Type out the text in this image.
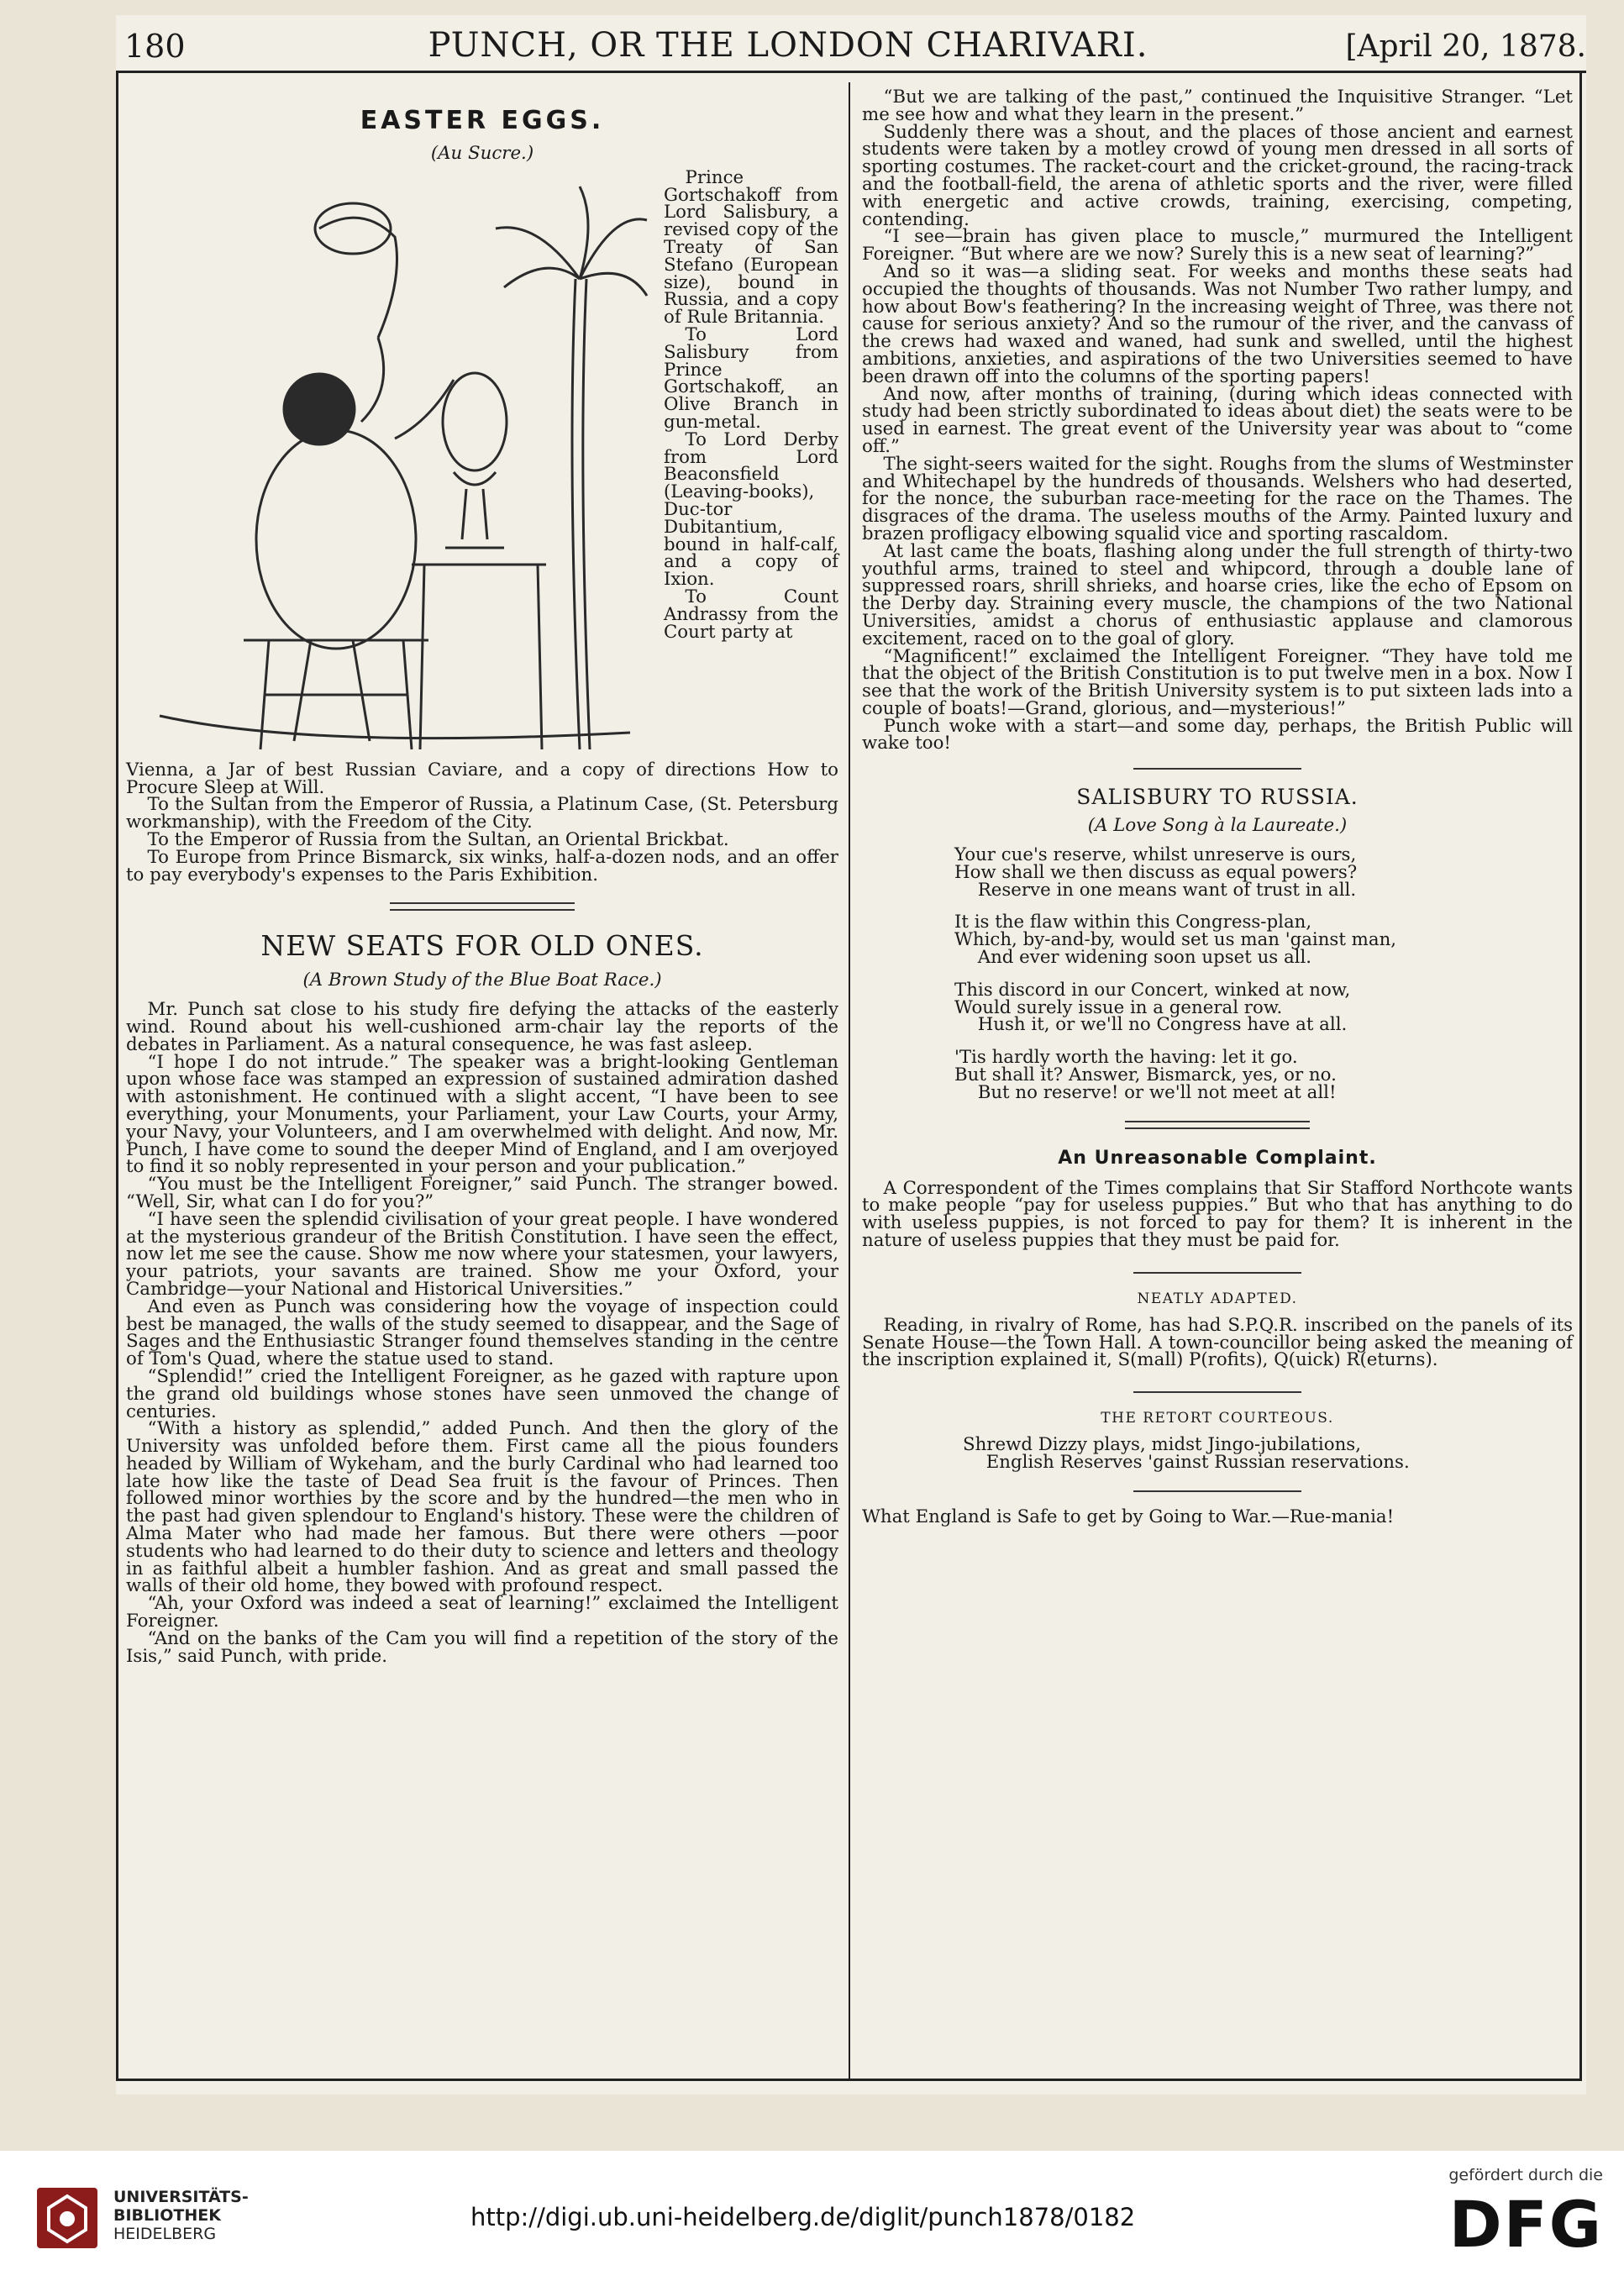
180	PUNCH, OR THE LONDON CHARIVARI.	[April 20, 1878.
EASTER EGGS.
(Au Sucre.)

Prince Gortschakoff from Lord Salisbury, a revised copy of the Treaty of San Stefano (European size), bound in Russia, and a copy of Rule Britannia.

To Lord Salisbury from Prince Gortschakoff, an Olive Branch in gun-metal.

To Lord Derby from Lord Beaconsfield (Leaving-books), Duc-tor Dubitantium, bound in half-calf, and a copy of Ixion.

To Count Andrassy from the Court party at

Vienna, a Jar of best Russian Caviare, and a copy of directions How to Procure Sleep at Will.

To the Sultan from the Emperor of Russia, a Platinum Case, (St. Petersburg workmanship), with the Freedom of the City.

To the Emperor of Russia from the Sultan, an Oriental Brickbat.

To Europe from Prince Bismarck, six winks, half-a-dozen nods, and an offer to pay everybody's expenses to the Paris Exhibition.

NEW SEATS FOR OLD ONES.
(A Brown Study of the Blue Boat Race.)

Mr. Punch sat close to his study fire defying the attacks of the easterly wind. Round about his well-cushioned arm-chair lay the reports of the debates in Parliament. As a natural consequence, he was fast asleep.

“I hope I do not intrude.” The speaker was a bright-looking Gentleman upon whose face was stamped an expression of sustained admiration dashed with astonishment. He continued with a slight accent, “I have been to see everything, your Monuments, your Parliament, your Law Courts, your Army, your Navy, your Volunteers, and I am overwhelmed with delight. And now, Mr. Punch, I have come to sound the deeper Mind of England, and I am overjoyed to find it so nobly represented in your person and your publication.”

“You must be the Intelligent Foreigner,” said Punch. The stranger bowed. “Well, Sir, what can I do for you?”

“I have seen the splendid civilisation of your great people. I have wondered at the mysterious grandeur of the British Constitution. I have seen the effect, now let me see the cause. Show me now where your statesmen, your lawyers, your patriots, your savants are trained. Show me your Oxford, your Cambridge—your National and Historical Universities.”

And even as Punch was considering how the voyage of inspection could best be managed, the walls of the study seemed to disappear, and the Sage of Sages and the Enthusiastic Stranger found themselves standing in the centre of Tom's Quad, where the statue used to stand.

“Splendid!” cried the Intelligent Foreigner, as he gazed with rapture upon the grand old buildings whose stones have seen unmoved the change of centuries.

“With a history as splendid,” added Punch. And then the glory of the University was unfolded before them. First came all the pious founders headed by William of Wykeham, and the burly Cardinal who had learned too late how like the taste of Dead Sea fruit is the favour of Princes. Then followed minor worthies by the score and by the hundred—the men who in the past had given splendour to England's history. These were the children of Alma Mater who had made her famous. But there were others —poor students who had learned to do their duty to science and letters and theology in as faithful albeit a humbler fashion. And as great and small passed the walls of their old home, they bowed with profound respect.

“Ah, your Oxford was indeed a seat of learning!” exclaimed the Intelligent Foreigner.

“And on the banks of the Cam you will find a repetition of the story of the Isis,” said Punch, with pride.

“But we are talking of the past,” continued the Inquisitive Stranger. “Let me see how and what they learn in the present.”

Suddenly there was a shout, and the places of those ancient and earnest students were taken by a motley crowd of young men dressed in all sorts of sporting costumes. The racket-court and the cricket-ground, the racing-track and the football-field, the arena of athletic sports and the river, were filled with energetic and active crowds, training, exercising, competing, contending.

“I see—brain has given place to muscle,” murmured the Intelligent Foreigner. “But where are we now? Surely this is a new seat of learning?”

And so it was—a sliding seat. For weeks and months these seats had occupied the thoughts of thousands. Was not Number Two rather lumpy, and how about Bow's feathering? In the increasing weight of Three, was there not cause for serious anxiety? And so the rumour of the river, and the canvass of the crews had waxed and waned, had sunk and swelled, until the highest ambitions, anxieties, and aspirations of the two Universities seemed to have been drawn off into the columns of the sporting papers!

And now, after months of training, (during which ideas connected with study had been strictly subordinated to ideas about diet) the seats were to be used in earnest. The great event of the University year was about to “come off.”

The sight-seers waited for the sight. Roughs from the slums of Westminster and Whitechapel by the hundreds of thousands. Welshers who had deserted, for the nonce, the suburban race-meeting for the race on the Thames. The disgraces of the drama. The useless mouths of the Army. Painted luxury and brazen profligacy elbowing squalid vice and sporting rascaldom.

At last came the boats, flashing along under the full strength of thirty-two youthful arms, trained to steel and whipcord, through a double lane of suppressed roars, shrill shrieks, and hoarse cries, like the echo of Epsom on the Derby day. Straining every muscle, the champions of the two National Universities, amidst a chorus of enthusiastic applause and clamorous excitement, raced on to the goal of glory.

“Magnificent!” exclaimed the Intelligent Foreigner. “They have told me that the object of the British Constitution is to put twelve men in a box. Now I see that the work of the British University system is to put sixteen lads into a couple of boats!—Grand, glorious, and—mysterious!”

Punch woke with a start—and some day, perhaps, the British Public will wake too!

SALISBURY TO RUSSIA.
(A Love Song à la Laureate.)

Your cue's reserve, whilst unreserve is ours,

How shall we then discuss as equal powers?

Reserve in one means want of trust in all.

It is the flaw within this Congress-plan,

Which, by-and-by, would set us man 'gainst man,

And ever widening soon upset us all.

This discord in our Concert, winked at now,

Would surely issue in a general row.

Hush it, or we'll no Congress have at all.

'Tis hardly worth the having: let it go.

But shall it? Answer, Bismarck, yes, or no.

But no reserve! or we'll not meet at all!

An Unreasonable Complaint.

A Correspondent of the Times complains that Sir Stafford Northcote wants to make people “pay for useless puppies.” But who that has anything to do with useless puppies, is not forced to pay for them? It is inherent in the nature of useless puppies that they must be paid for.

NEATLY ADAPTED.

Reading, in rivalry of Rome, has had S.P.Q.R. inscribed on the panels of its Senate House—the Town Hall. A town-councillor being asked the meaning of the inscription explained it, S(mall) P(rofits), Q(uick) R(eturns).

THE RETORT COURTEOUS.

Shrewd Dizzy plays, midst Jingo-jubilations,

English Reserves 'gainst Russian reservations.

What England is Safe to get by Going to War.—Rue-mania!

UNIVERSITÄTS-
BIBLIOTHEK
HEIDELBERG
http://digi.ub.uni-heidelberg.de/diglit/punch1878/0182
gefördert durch die
DFG
